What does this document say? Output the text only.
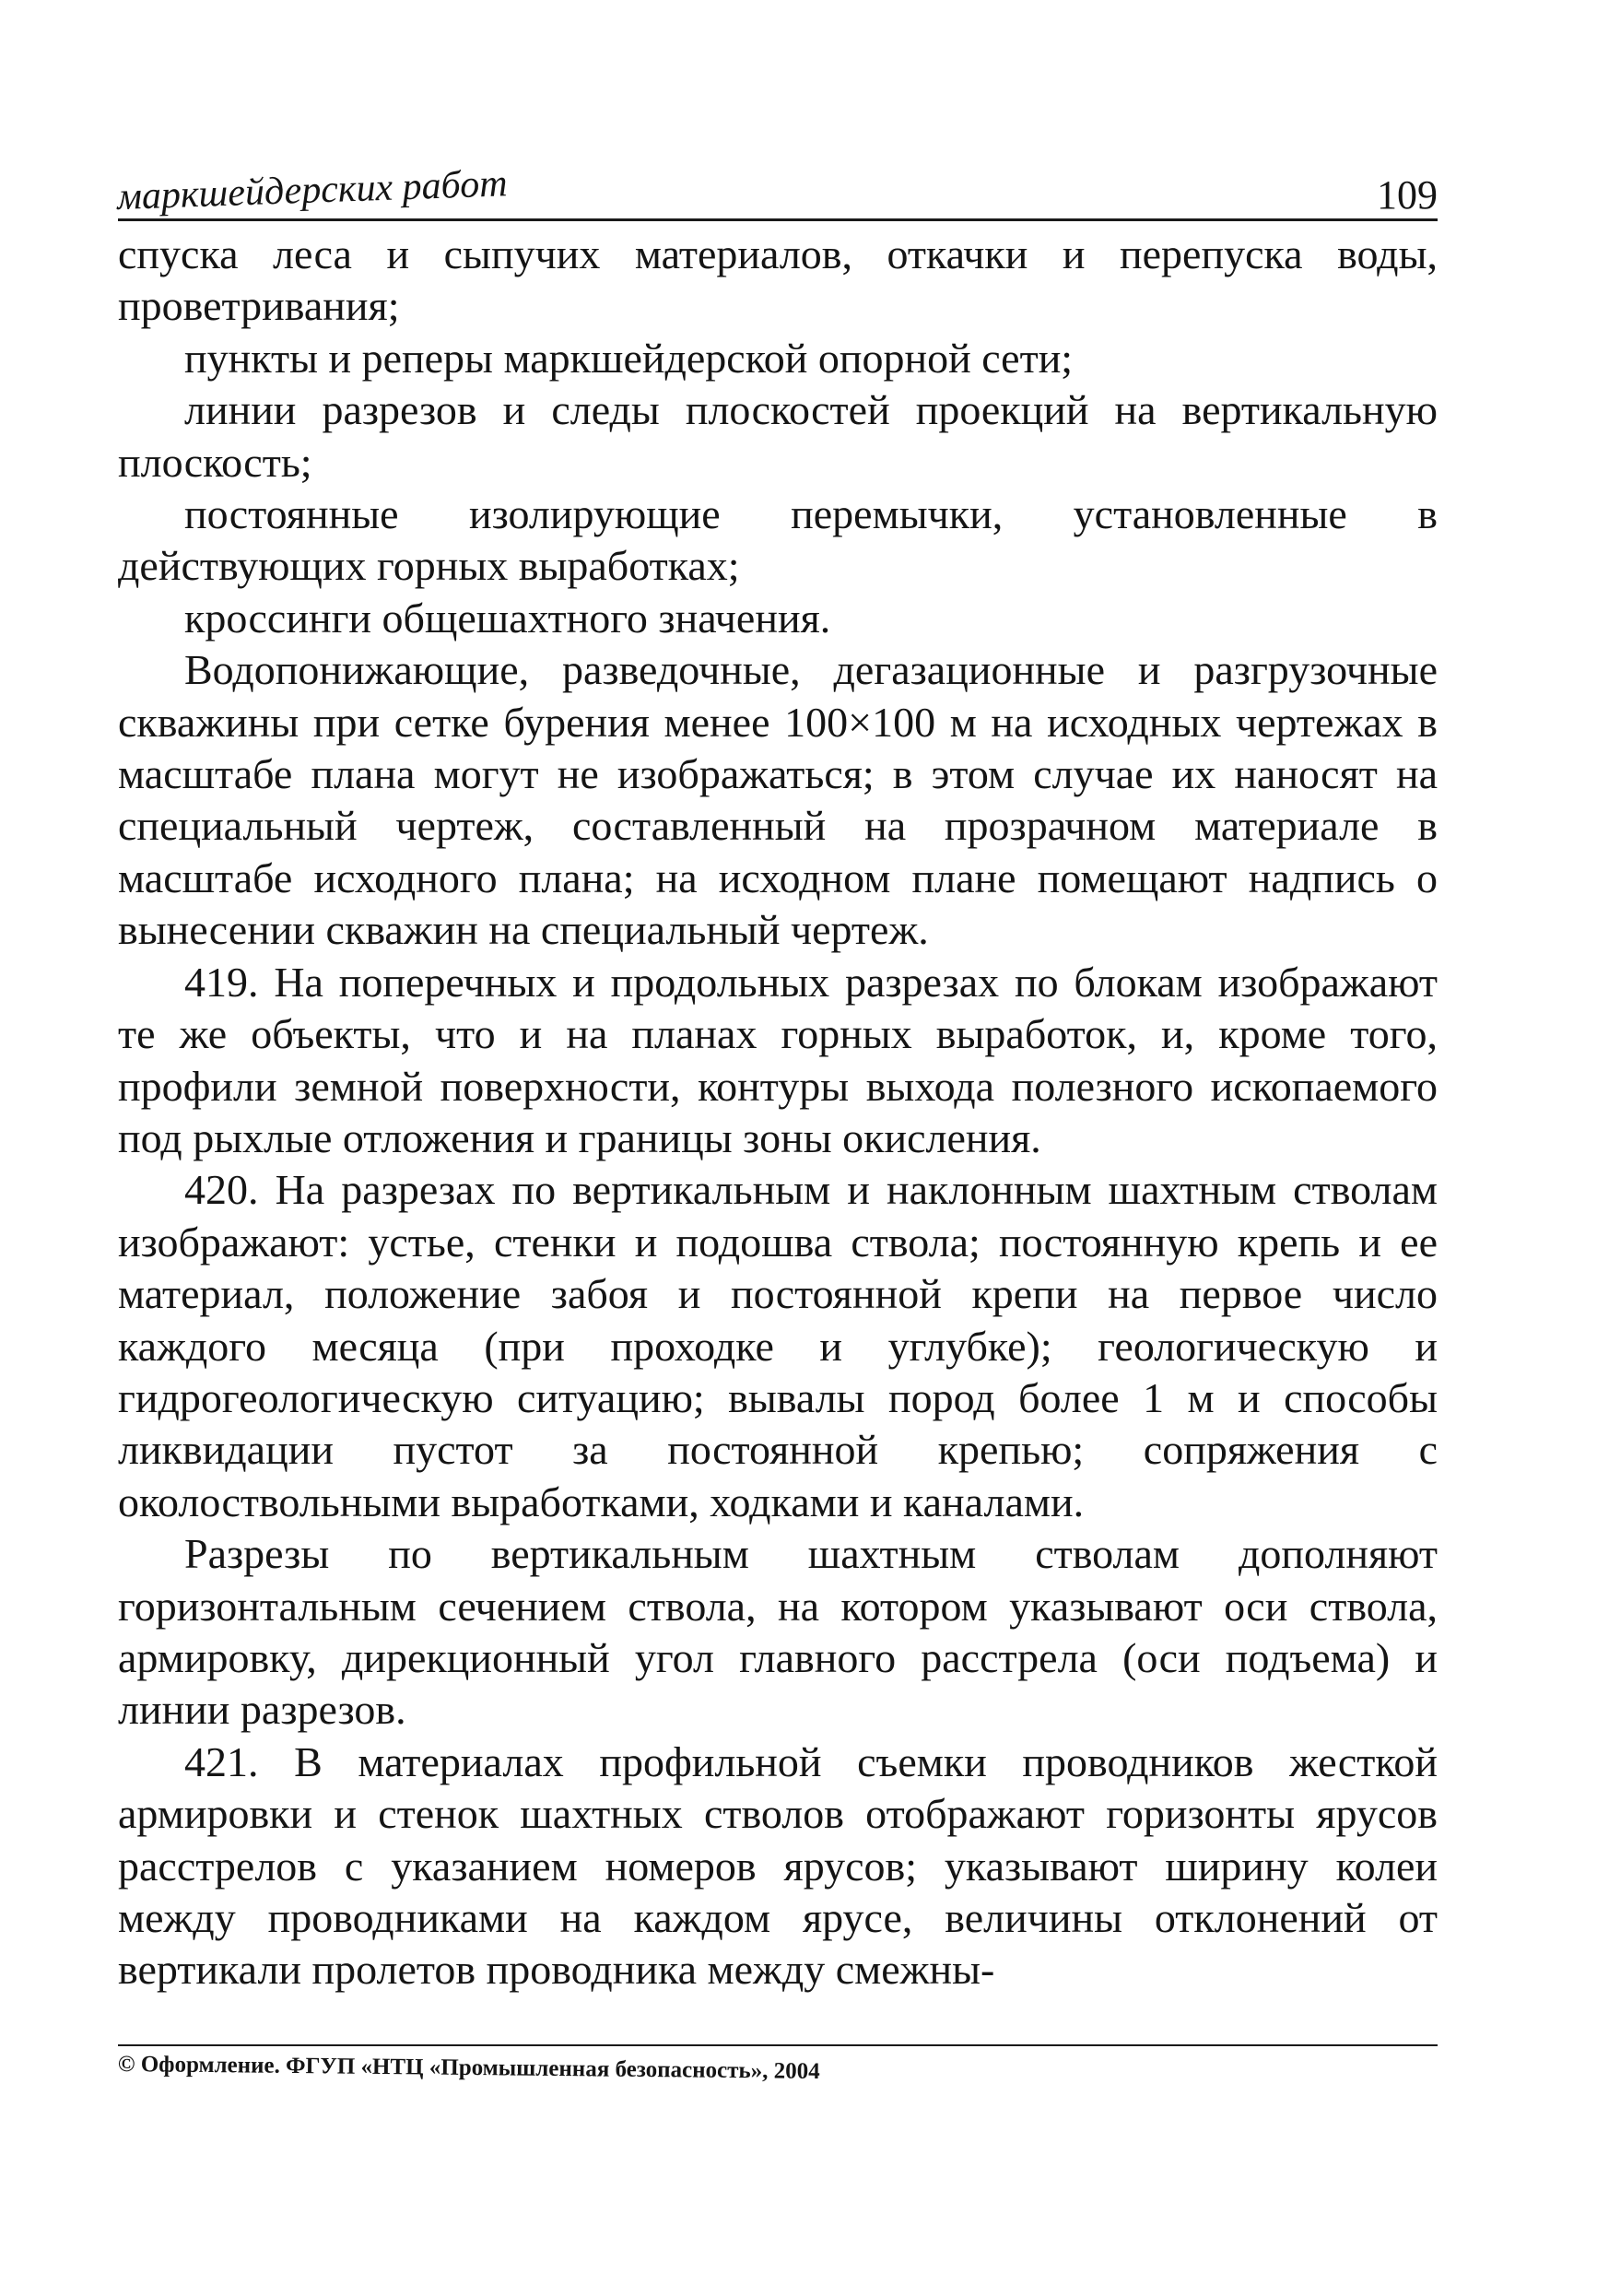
маркшейдерских работ	109

спуска леса и сыпучих материалов, откачки и перепуска воды, проветривания;

пункты и реперы маркшейдерской опорной сети;

линии разрезов и следы плоскостей проекций на вертикальную плоскость;

постоянные изолирующие перемычки, установленные в действующих горных выработках;

кроссинги общешахтного значения.

Водопонижающие, разведочные, дегазационные и разгрузочные скважины при сетке бурения менее 100×100 м на исходных чертежах в масштабе плана могут не изображаться; в этом случае их наносят на специальный чертеж, составленный на прозрачном материале в масштабе исходного плана; на исходном плане помещают надпись о вынесении скважин на специальный чертеж.

419. На поперечных и продольных разрезах по блокам изображают те же объекты, что и на планах горных выработок, и, кроме того, профили земной поверхности, контуры выхода полезного ископаемого под рыхлые отложения и границы зоны окисления.

420. На разрезах по вертикальным и наклонным шахтным стволам изображают: устье, стенки и подошва ствола; постоянную крепь и ее материал, положение забоя и постоянной крепи на первое число каждого месяца (при проходке и углубке); геологическую и гидрогеологическую ситуацию; вывалы пород более 1 м и способы ликвидации пустот за постоянной крепью; сопряжения с околоствольными выработками, ходками и каналами.

Разрезы по вертикальным шахтным стволам дополняют горизонтальным сечением ствола, на котором указывают оси ствола, армировку, дирекционный угол главного расстрела (оси подъема) и линии разрезов.

421. В материалах профильной съемки проводников жесткой армировки и стенок шахтных стволов отображают горизонты ярусов расстрелов с указанием номеров ярусов; указывают ширину колеи между проводниками на каждом ярусе, величины отклонений от вертикали пролетов проводника между смежны-

© Оформление. ФГУП «НТЦ «Промышленная безопасность», 2004
